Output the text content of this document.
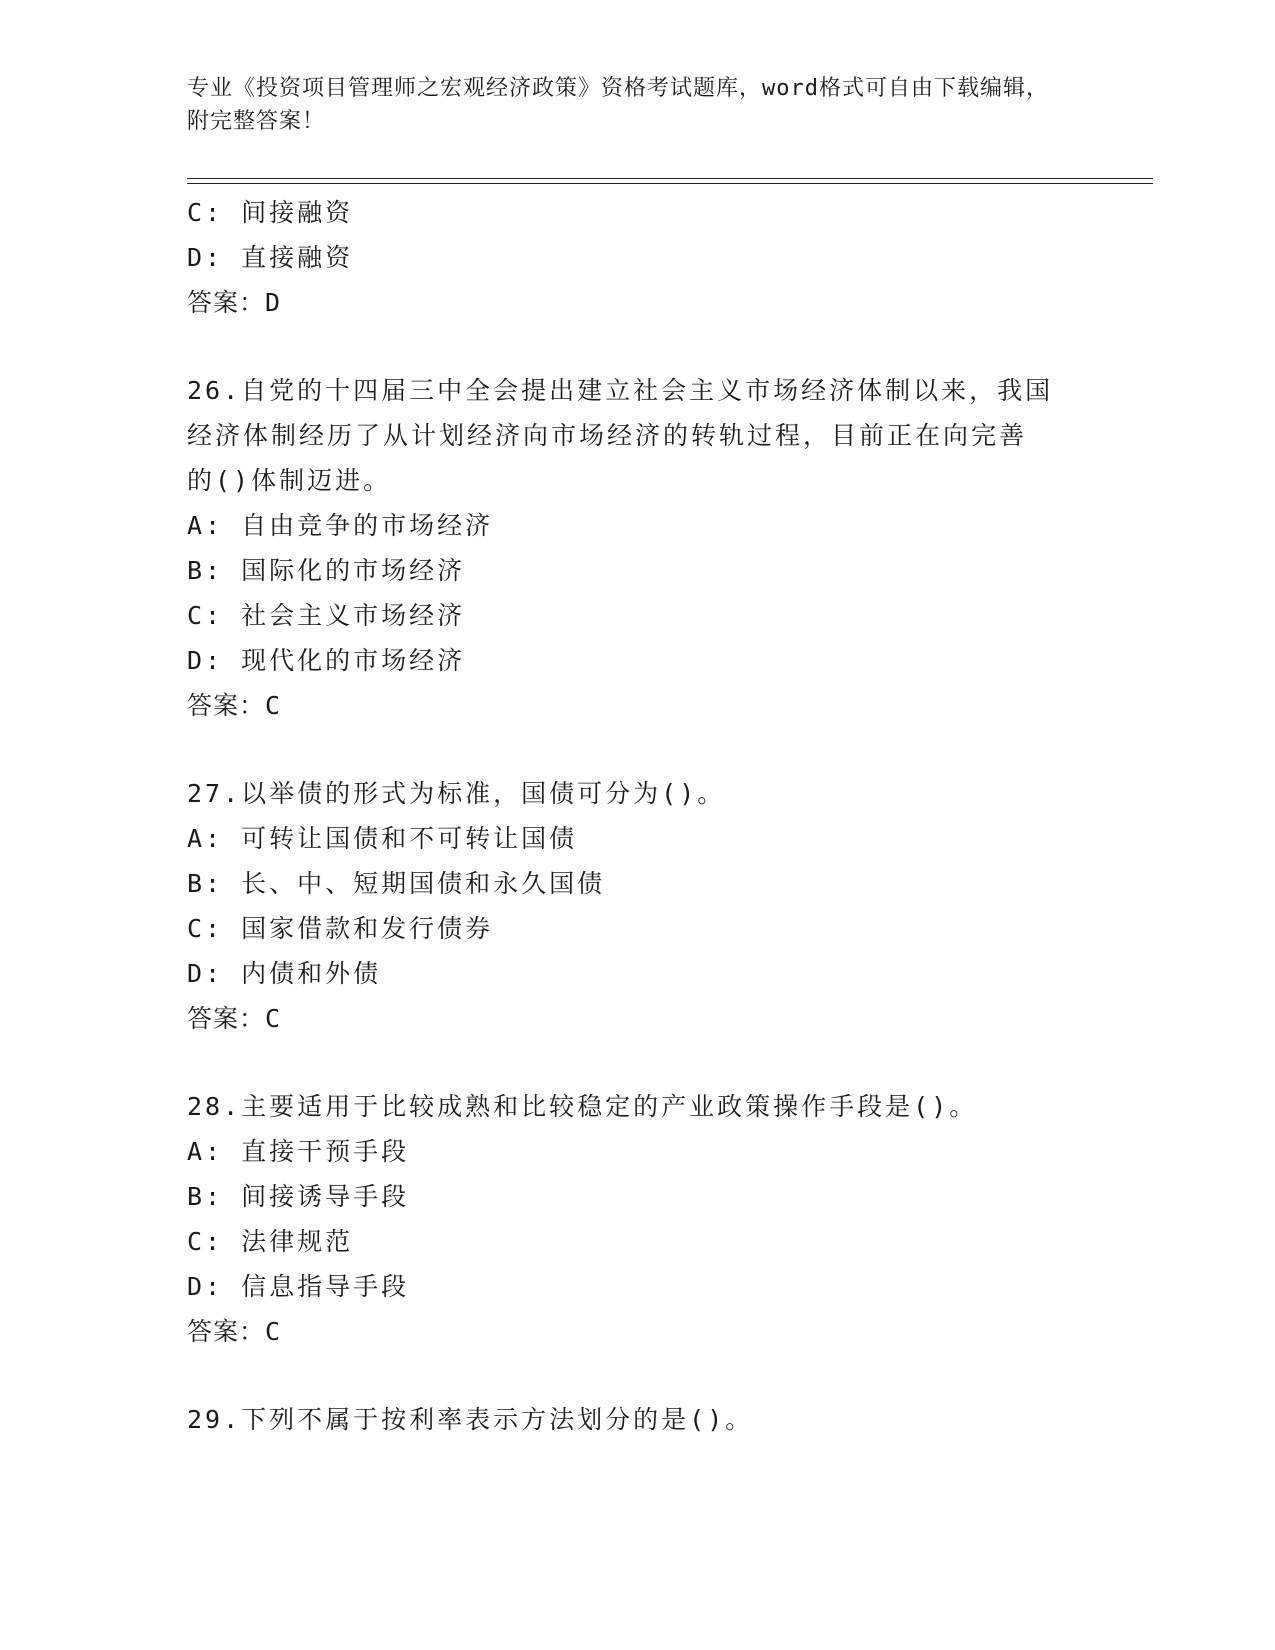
专业《投资项目管理师之宏观经济政策》资格考试题库，word格式可自由下载编辑，附完整答案！
C: 间接融资
D: 直接融资
答案：D
26.自党的十四届三中全会提出建立社会主义市场经济体制以来，我国
经济体制经历了从计划经济向市场经济的转轨过程，目前正在向完善
的()体制迈进。
A: 自由竞争的市场经济
B: 国际化的市场经济
C: 社会主义市场经济
D: 现代化的市场经济
答案：C
27.以举债的形式为标准，国债可分为()。
A: 可转让国债和不可转让国债
B: 长、中、短期国债和永久国债
C: 国家借款和发行债券
D: 内债和外债
答案：C
28.主要适用于比较成熟和比较稳定的产业政策操作手段是()。
A: 直接干预手段
B: 间接诱导手段
C: 法律规范
D: 信息指导手段
答案：C
29.下列不属于按利率表示方法划分的是()。
